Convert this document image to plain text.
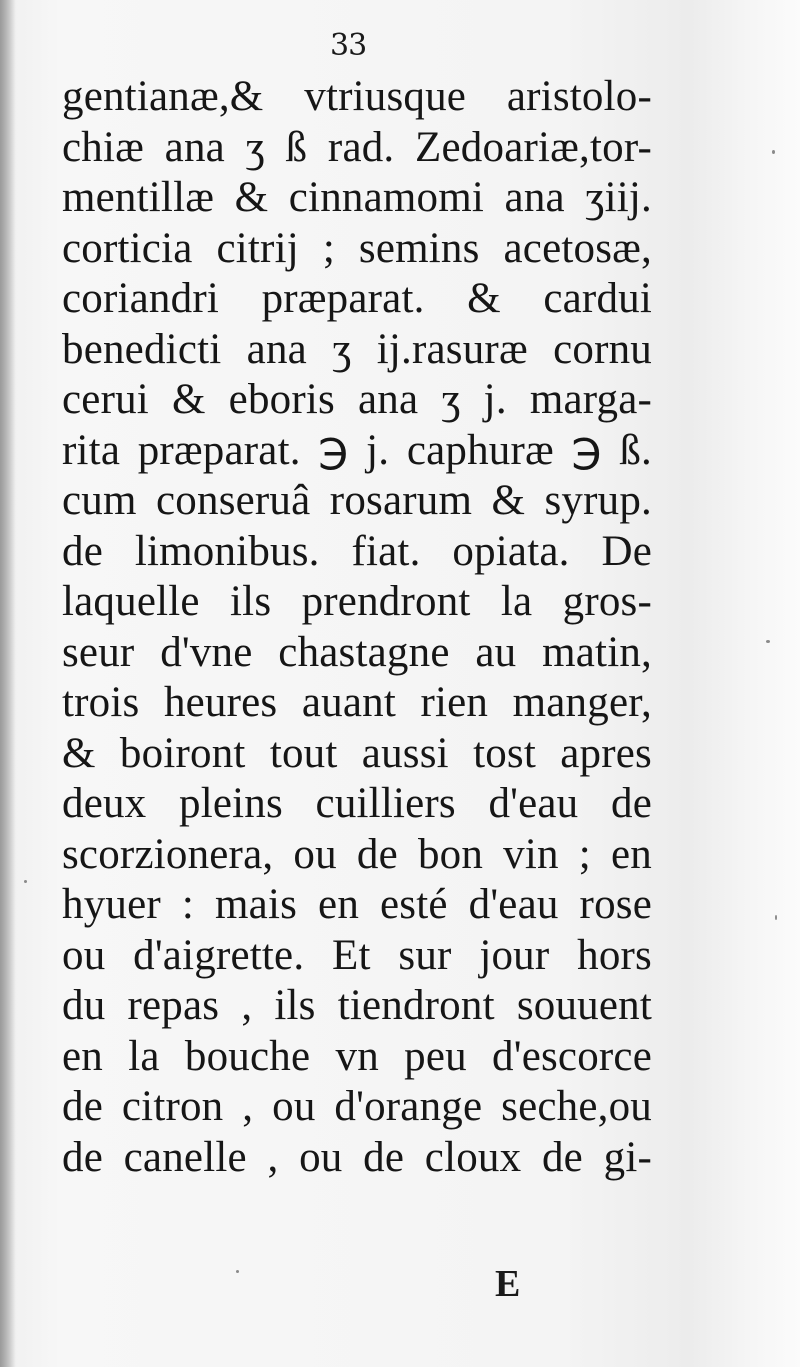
33
gentianæ,& vtriusque aristolo-
chiæ ana ʒ ß rad. Zedoariæ,tor-
mentillæ & cinnamomi ana ʒiij.
corticia citrij ; semins acetosæ,
coriandri præparat. & cardui
benedicti ana ʒ ij.rasuræ cornu
cerui & eboris ana ʒ j. marga-
rita præparat. ℈ j. caphuræ ℈ ß.
cum conseruâ rosarum & syrup.
de limonibus. fiat. opiata. De
laquelle ils prendront la gros-
seur d'vne chastagne au matin,
trois heures auant rien manger,
& boiront tout aussi tost apres
deux pleins cuilliers d'eau de
scorzionera, ou de bon vin ; en
hyuer : mais en esté d'eau rose
ou d'aigrette. Et sur jour hors
du repas , ils tiendront souuent
en la bouche vn peu d'escorce
de citron , ou d'orange seche,ou
de canelle , ou de cloux de gi-
E
